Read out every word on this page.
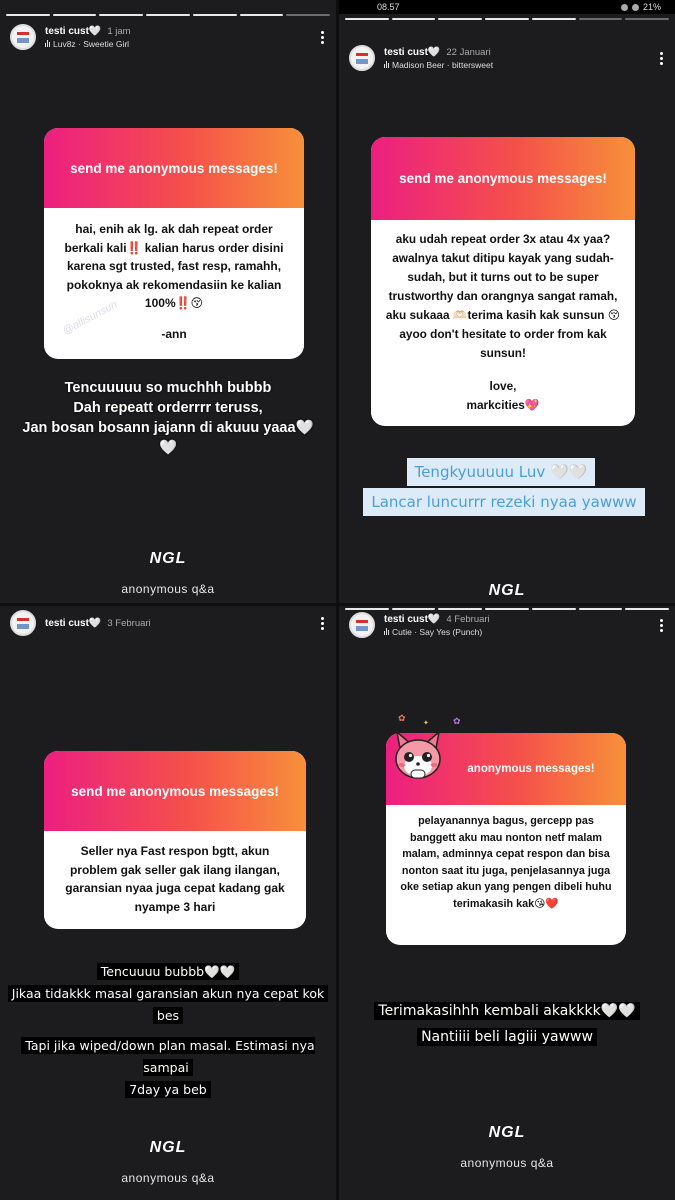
testi cust🤍 1 jam
Luv8z · Sweetie Girl
send me anonymous messages!
hai, enih ak lg. ak dah repeat order berkali kali‼️ kalian harus order disini karena sgt trusted, fast resp, ramahh, pokoknya ak rekomendasiin ke kalian 100%‼️😚
-ann
@allisunsun
Tencuuuuu so muchhh bubbb
Dah repeatt orderrrr teruss,
Jan bosan bosann jajann di akuuu yaaa🤍
🤍
NGL
anonymous q&a
08.57	21%
testi cust🤍 22 Januari
Madison Beer · bittersweet
send me anonymous messages!
aku udah repeat order 3x atau 4x yaa? awalnya takut ditipu kayak yang sudah-sudah, but it turns out to be super trustworthy dan orangnya sangat ramah, aku sukaaa 🫶🏻terima kasih kak sunsun 😚 ayoo don't hesitate to order from kak sunsun!
love,
markcities💖
Tengkyuuuuu Luv 🤍🤍
Lancar luncurrr rezeki nyaa yawww
NGL
testi cust🤍 3 Februari
send me anonymous messages!
Seller nya Fast respon bgtt, akun problem gak seller gak ilang ilangan, garansian nyaa juga cepat kadang gak nyampe 3 hari
Tencuuuu bubbb🤍🤍
Jikaa tidakkk masal garansian akun nya cepat kok
bes
Tapi jika wiped/down plan masal. Estimasi nya sampai
7day ya beb
NGL
anonymous q&a
testi cust🤍 4 Februari
Cutie · Say Yes (Punch)
anonymous messages!
pelayanannya bagus, gercepp pas banggett aku mau nonton netf malam malam, adminnya cepat respon dan bisa nonton saat itu juga, penjelasannya juga oke setiap akun yang pengen dibeli huhu terimakasih kak😘❤️
✿
✦	✿
Terimakasihhh kembali akakkkk🤍🤍
Nantiiii beli lagiii yawww
NGL
anonymous q&a
